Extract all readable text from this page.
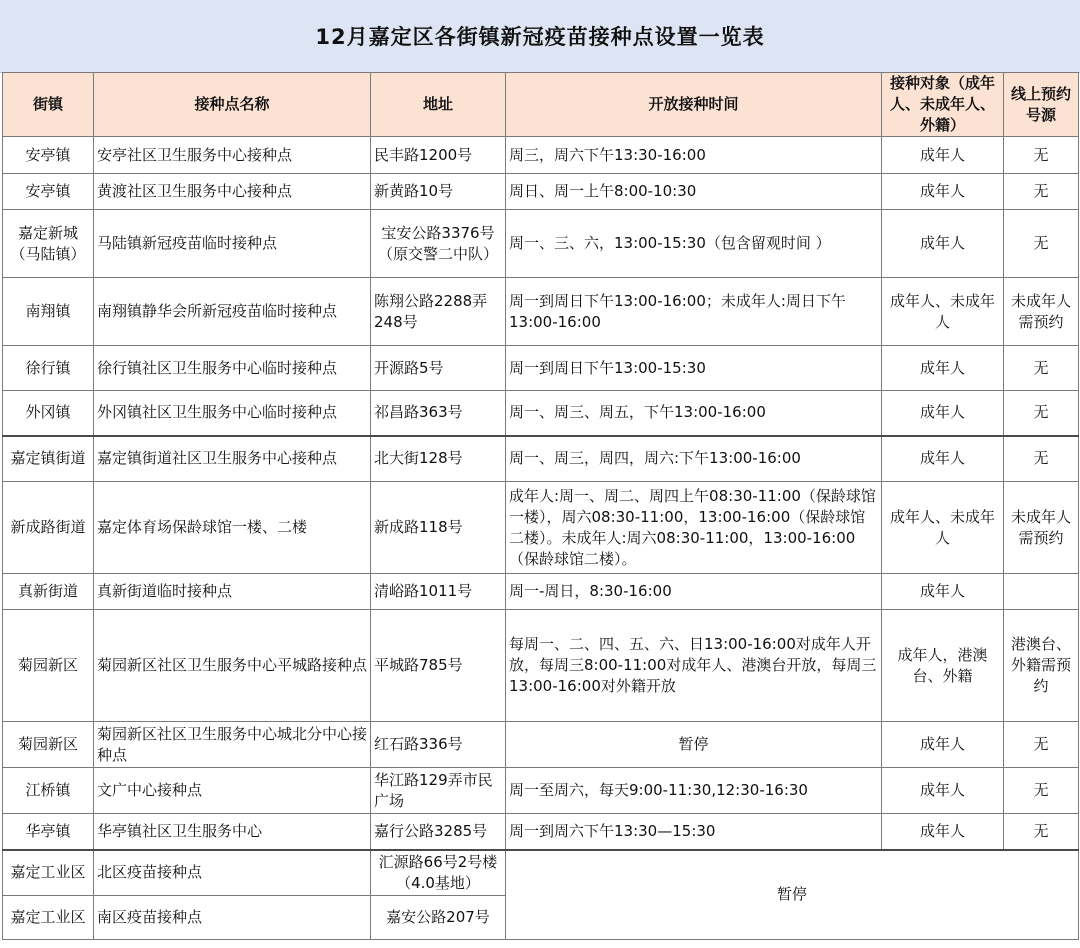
12月嘉定区各街镇新冠疫苗接种点设置一览表
街镇	接种点名称	地址	开放接种时间	接种对象（成年人、未成年人、外籍）	线上预约号源
安亭镇	安亭社区卫生服务中心接种点	民丰路1200号	周三，周六下午13:30-16:00	成年人	无
安亭镇	黄渡社区卫生服务中心接种点	新黄路10号	周日、周一上午8:00-10:30	成年人	无
嘉定新城（马陆镇）	马陆镇新冠疫苗临时接种点	宝安公路3376号（原交警二中队）	周一、三、六，13:00-15:30（包含留观时间 ）	成年人	无
南翔镇	南翔镇静华会所新冠疫苗临时接种点	陈翔公路2288弄248号	周一到周日下午13:00-16:00；未成年人:周日下午13:00-16:00	成年人、未成年人	未成年人需预约
徐行镇	徐行镇社区卫生服务中心临时接种点	开源路5号	周一到周日下午13:00-15:30	成年人	无
外冈镇	外冈镇社区卫生服务中心临时接种点	祁昌路363号	周一、周三、周五，下午13:00-16:00	成年人	无
嘉定镇街道	嘉定镇街道社区卫生服务中心接种点	北大街128号	周一、周三，周四，周六:下午13:00-16:00	成年人	无
新成路街道	嘉定体育场保龄球馆一楼、二楼	新成路118号	成年人:周一、周二、周四上午08:30-11:00（保龄球馆一楼），周六08:30-11:00，13:00-16:00（保龄球馆二楼）。未成年人:周六08:30-11:00，13:00-16:00（保龄球馆二楼）。	成年人、未成年人	未成年人需预约
真新街道	真新街道临时接种点	清峪路1011号	周一-周日，8:30-16:00	成年人	
菊园新区	菊园新区社区卫生服务中心平城路接种点	平城路785号	每周一、二、四、五、六、日13:00-16:00对成年人开放，每周三8:00-11:00对成年人、港澳台开放，每周三13:00-16:00对外籍开放	成年人，港澳台、外籍	港澳台、外籍需预约
菊园新区	菊园新区社区卫生服务中心城北分中心接种点	红石路336号	暂停	成年人	无
江桥镇	文广中心接种点	华江路129弄市民广场	周一至周六，每天9:00-11:30,12:30-16:30	成年人	无
华亭镇	华亭镇社区卫生服务中心	嘉行公路3285号	周一到周六下午13:30—15:30	成年人	无
嘉定工业区	北区疫苗接种点	汇源路66号2号楼（4.0基地）	暂停		
嘉定工业区	南区疫苗接种点	嘉安公路207号			
